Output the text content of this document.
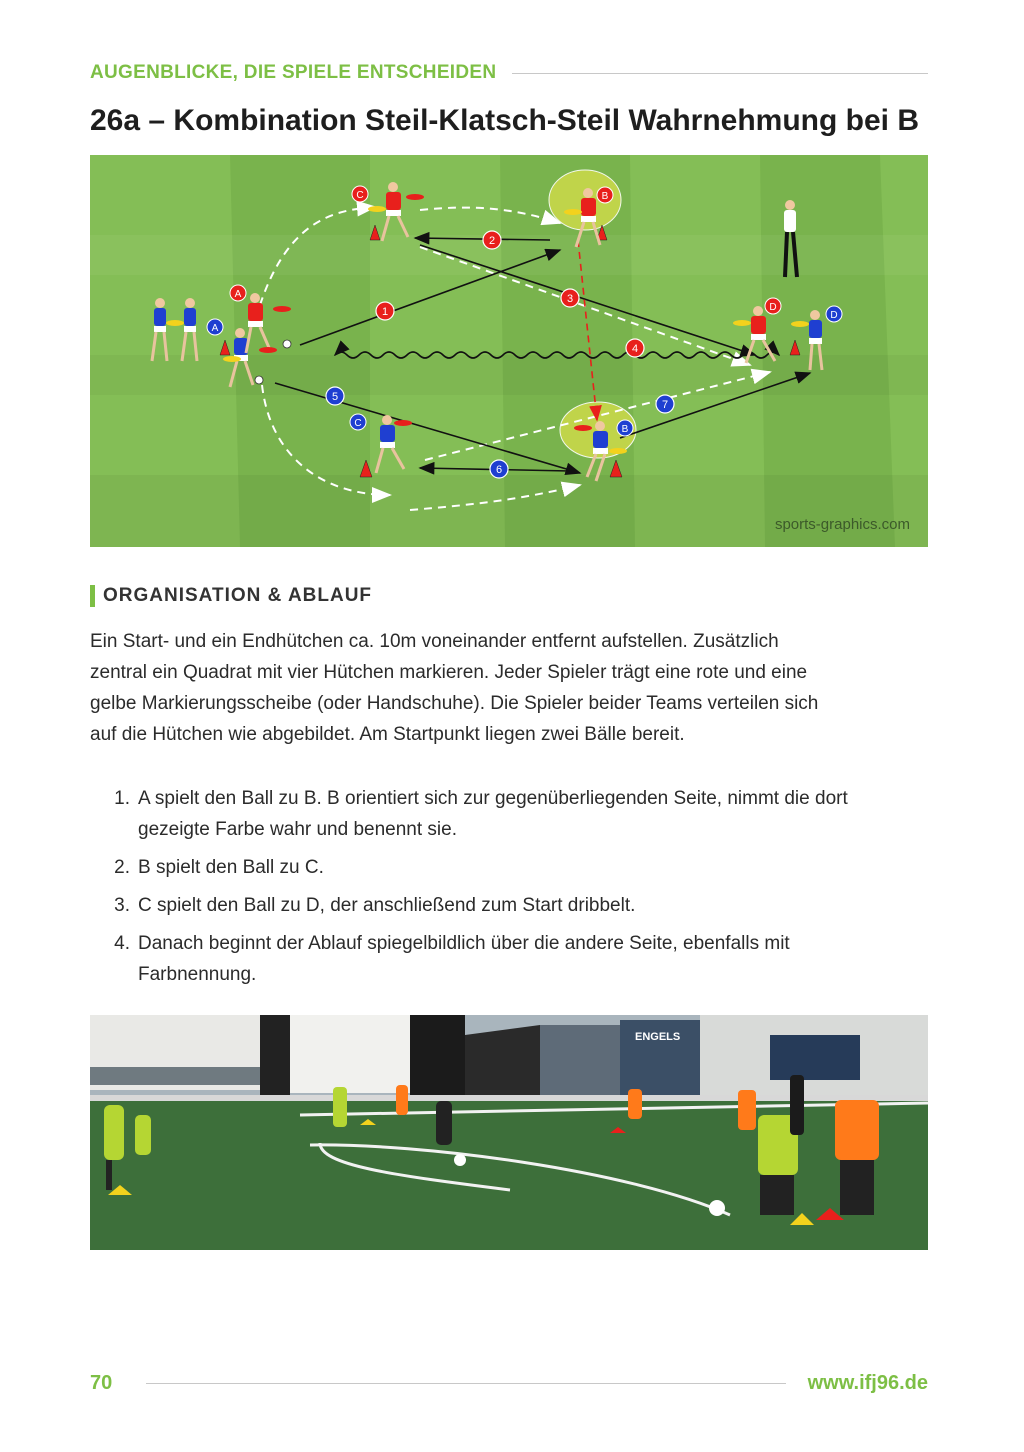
AUGENBLICKE, DIE SPIELE ENTSCHEIDEN
26a – Kombination Steil-Klatsch-Steil Wahrnehmung bei B
1
2
3
4
5
6
7
A
A
B
B
C
C
D
D
sports-graphics.com
ORGANISATION & ABLAUF

Ein Start- und ein Endhütchen ca. 10m voneinander entfernt aufstellen. Zusätzlich
zentral ein Quadrat mit vier Hütchen markieren. Jeder Spieler trägt eine rote und eine
gelbe Markierungsscheibe (oder Handschuhe). Die Spieler beider Teams verteilen sich
auf die Hütchen wie abgebildet. Am Startpunkt liegen zwei Bälle bereit.

1. A spielt den Ball zu B. B orientiert sich zur gegenüberliegenden Seite, nimmt die dort
gezeigte Farbe wahr und benennt sie.
2. B spielt den Ball zu C.
3. C spielt den Ball zu D, der anschließend zum Start dribbelt.
4. Danach beginnt der Ablauf spiegelbildlich über die andere Seite, ebenfalls mit
Farbnennung.
ENGELS
70	www.ifj96.de
